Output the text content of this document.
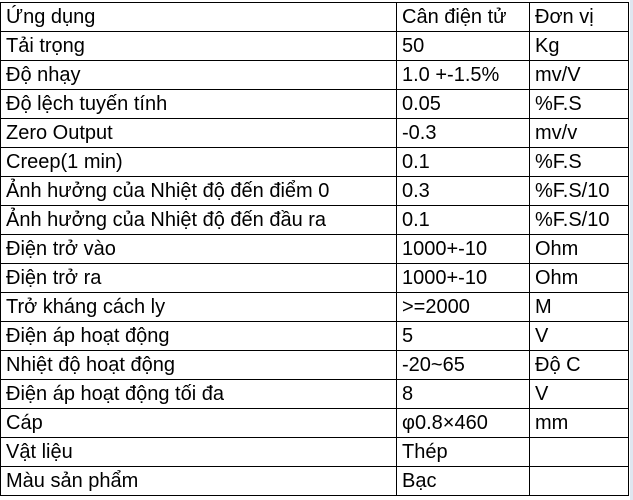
Ứng dụng	Cân điện tử	Đơn vị
Tải trọng	50	Kg
Độ nhạy	1.0 +-1.5%	mv/V
Độ lệch tuyến tính	0.05	%F.S
Zero Output	-0.3	mv/v
Creep(1 min)	0.1	%F.S
Ảnh hưởng của Nhiệt độ đến điểm 0	0.3	%F.S/10
Ảnh hưởng của Nhiệt độ đến đầu ra	0.1	%F.S/10
Điện trở vào	1000+-10	Ohm
Điện trở ra	1000+-10	Ohm
Trở kháng cách ly	>=2000	M
Điện áp hoạt động	5	V
Nhiệt độ hoạt động	-20~65	Độ C
Điện áp hoạt động tối đa	8	V
Cáp	φ0.8×460	mm
Vật liệu	Thép	
Màu sản phẩm	Bạc	
